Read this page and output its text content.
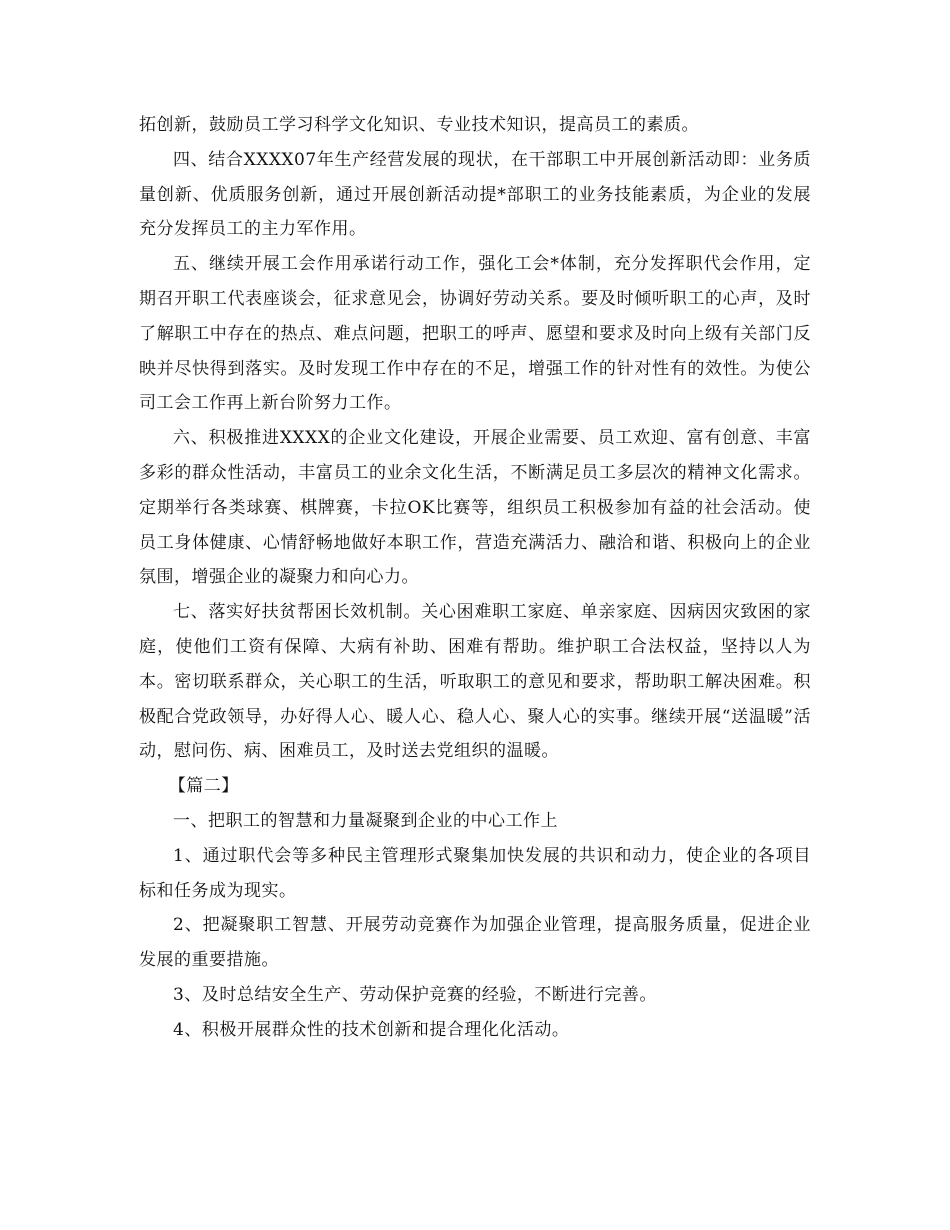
拓创新，鼓励员工学习科学文化知识、专业技术知识，提高员工的素质。

四、结合XXXX07年生产经营发展的现状，在干部职工中开展创新活动即：业务质量创新、优质服务创新，通过开展创新活动提*部职工的业务技能素质，为企业的发展充分发挥员工的主力军作用。

五、继续开展工会作用承诺行动工作，强化工会*体制，充分发挥职代会作用，定期召开职工代表座谈会，征求意见会，协调好劳动关系。要及时倾听职工的心声，及时了解职工中存在的热点、难点问题，把职工的呼声、愿望和要求及时向上级有关部门反映并尽快得到落实。及时发现工作中存在的不足，增强工作的针对性有的效性。为使公司工会工作再上新台阶努力工作。

六、积极推进XXXX的企业文化建设，开展企业需要、员工欢迎、富有创意、丰富多彩的群众性活动，丰富员工的业余文化生活，不断满足员工多层次的精神文化需求。定期举行各类球赛、棋牌赛，卡拉OK比赛等，组织员工积极参加有益的社会活动。使员工身体健康、心情舒畅地做好本职工作，营造充满活力、融洽和谐、积极向上的企业氛围，增强企业的凝聚力和向心力。

七、落实好扶贫帮困长效机制。关心困难职工家庭、单亲家庭、因病因灾致困的家庭，使他们工资有保障、大病有补助、困难有帮助。维护职工合法权益，坚持以人为本。密切联系群众，关心职工的生活，听取职工的意见和要求，帮助职工解决困难。积极配合党政领导，办好得人心、暖人心、稳人心、聚人心的实事。继续开展“送温暖”活动，慰问伤、病、困难员工，及时送去党组织的温暖。

【篇二】

一、把职工的智慧和力量凝聚到企业的中心工作上

1、通过职代会等多种民主管理形式聚集加快发展的共识和动力，使企业的各项目标和任务成为现实。

2、把凝聚职工智慧、开展劳动竞赛作为加强企业管理，提高服务质量，促进企业发展的重要措施。

3、及时总结安全生产、劳动保护竞赛的经验，不断进行完善。

4、积极开展群众性的技术创新和提合理化化活动。
